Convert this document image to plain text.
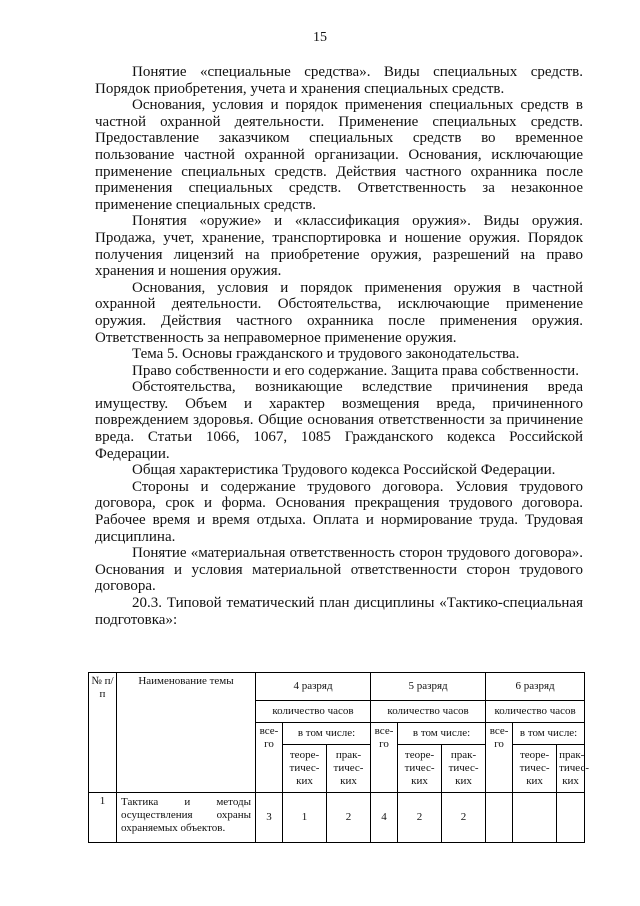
15

Понятие «специальные средства». Виды специальных средств. Порядок приобретения, учета и хранения специальных средств.

Основания, условия и порядок применения специальных средств в частной охранной деятельности. Применение специальных средств. Предоставление заказчиком специальных средств во временное пользование частной охранной организации. Основания, исключающие применение специальных средств. Действия частного охранника после применения специальных средств. Ответственность за незаконное применение специальных средств.

Понятия «оружие» и «классификация оружия». Виды оружия. Продажа, учет, хранение, транспортировка и ношение оружия. Порядок получения лицензий на приобретение оружия, разрешений на право хранения и ношения оружия.

Основания, условия и порядок применения оружия в частной охранной деятельности. Обстоятельства, исключающие применение оружия. Действия частного охранника после применения оружия. Ответственность за неправомерное применение оружия.

Тема 5. Основы гражданского и трудового законодательства.

Право собственности и его содержание. Защита права собственности.

Обстоятельства, возникающие вследствие причинения вреда имуществу. Объем и характер возмещения вреда, причиненного повреждением здоровья. Общие основания ответственности за причинение вреда. Статьи 1066, 1067, 1085 Гражданского кодекса Российской Федерации.

Общая характеристика Трудового кодекса Российской Федерации.

Стороны и содержание трудового договора. Условия трудового договора, срок и форма. Основания прекращения трудового договора. Рабочее время и время отдыха. Оплата и нормирование труда. Трудовая дисциплина.

Понятие «материальная ответственность сторон трудового договора». Основания и условия материальной ответственности сторон трудового договора.

20.3. Типовой тематический план дисциплины «Тактико-специальная подготовка»:

№ п/п	Наименование темы	4 разряд			5 разряд			6 разряд		
		количество часов			количество часов			количество часов		
		все-го	в том числе:		все-го	в том числе:		все-го	в том числе:	
			теоре-тичес-ких	прак-тичес-ких		теоре-тичес-ких	прак-тичес-ких		теоре-тичес-ких	прак-тичес-ких
1	Тактика и методы осуществления охраны охраняемых объектов.	3	1	2	4	2	2			
